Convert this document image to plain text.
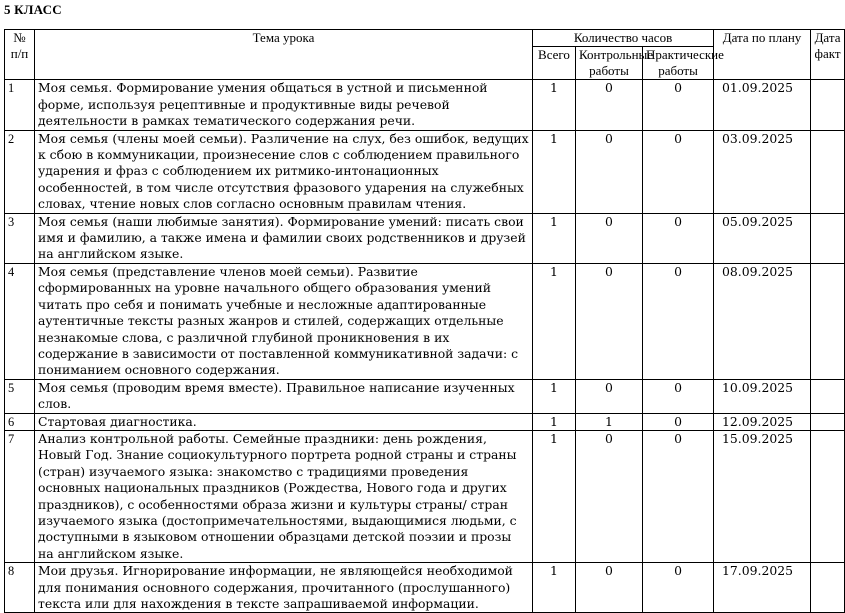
5 КЛАСС
№ п/п	Тема урока	Количество часов			Дата по плану	Дата факт
		Всего	Контрольные работы	Практические работы		
1	Моя семья. Формирование умения общаться в устной и письменной форме, используя рецептивные и продуктивные виды речевой деятельности в рамках тематического содержания речи.	1	0	0	01.09.2025	
2	Моя семья (члены моей семьи). Различение на слух, без ошибок, ведущих к сбою в коммуникации, произнесение слов с соблюдением правильного ударения и фраз с соблюдением их ритмико-интонационных особенностей, в том числе отсутствия фразового ударения на служебных словах, чтение новых слов согласно основным правилам чтения.	1	0	0	03.09.2025	
3	Моя семья (наши любимые занятия). Формирование умений: писать свои имя и фамилию, а также имена и фамилии своих родственников и друзей на английском языке.	1	0	0	05.09.2025	
4	Моя семья (представление членов моей семьи). Развитие сформированных на уровне начального общего образования умений читать про себя и понимать учебные и несложные адаптированные аутентичные тексты разных жанров и стилей, содержащих отдельные незнакомые слова, с различной глубиной проникновения в их содержание в зависимости от поставленной коммуникативной задачи: с пониманием основного содержания.	1	0	0	08.09.2025	
5	Моя семья (проводим время вместе). Правильное написание изученных слов.	1	0	0	10.09.2025	
6	Стартовая диагностика.	1	1	0	12.09.2025	
7	Анализ контрольной работы. Семейные праздники: день рождения, Новый Год. Знание социокультурного портрета родной страны и страны (стран) изучаемого языка: знакомство с традициями проведения основных национальных праздников (Рождества, Нового года и других праздников), с особенностями образа жизни и культуры страны/ стран изучаемого языка (достопримечательностями, выдающимися людьми, с доступными в языковом отношении образцами детской поэзии и прозы на английском языке.	1	0	0	15.09.2025	
8	Мои друзья. Игнорирование информации, не являющейся необходимой для понимания основного содержания, прочитанного (прослушанного) текста или для нахождения в тексте запрашиваемой информации.	1	0	0	17.09.2025	
